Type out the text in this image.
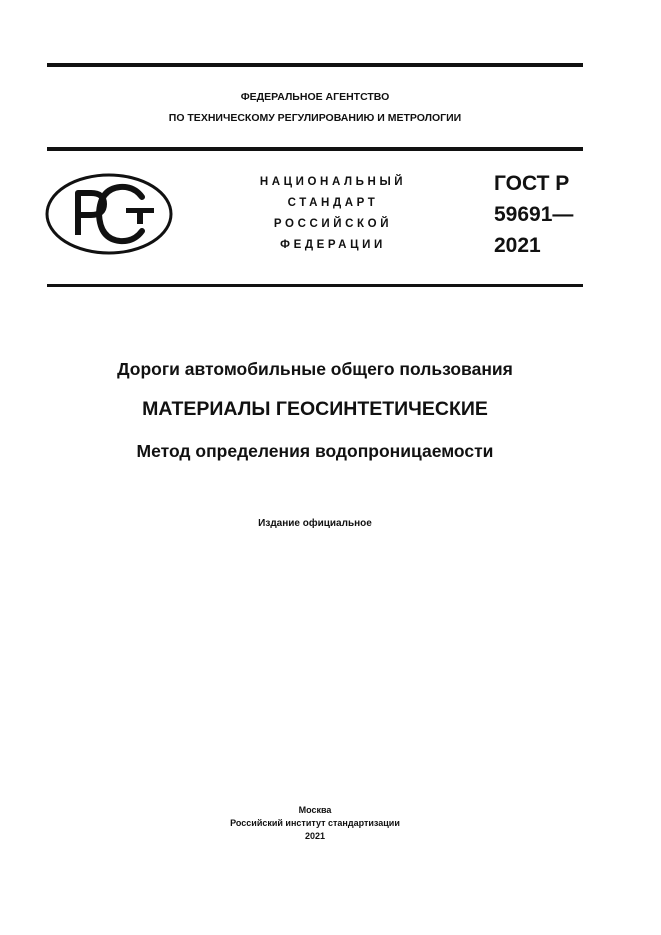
ФЕДЕРАЛЬНОЕ АГЕНТСТВО
ПО ТЕХНИЧЕСКОМУ РЕГУЛИРОВАНИЮ И МЕТРОЛОГИИ
НАЦИОНАЛЬНЫЙ
СТАНДАРТ
РОССИЙСКОЙ
ФЕДЕРАЦИИ
ГОСТ Р
59691—
2021
Дороги автомобильные общего пользования
МАТЕРИАЛЫ ГЕОСИНТЕТИЧЕСКИЕ
Метод определения водопроницаемости
Издание официальное
Москва
Российский институт стандартизации
2021
